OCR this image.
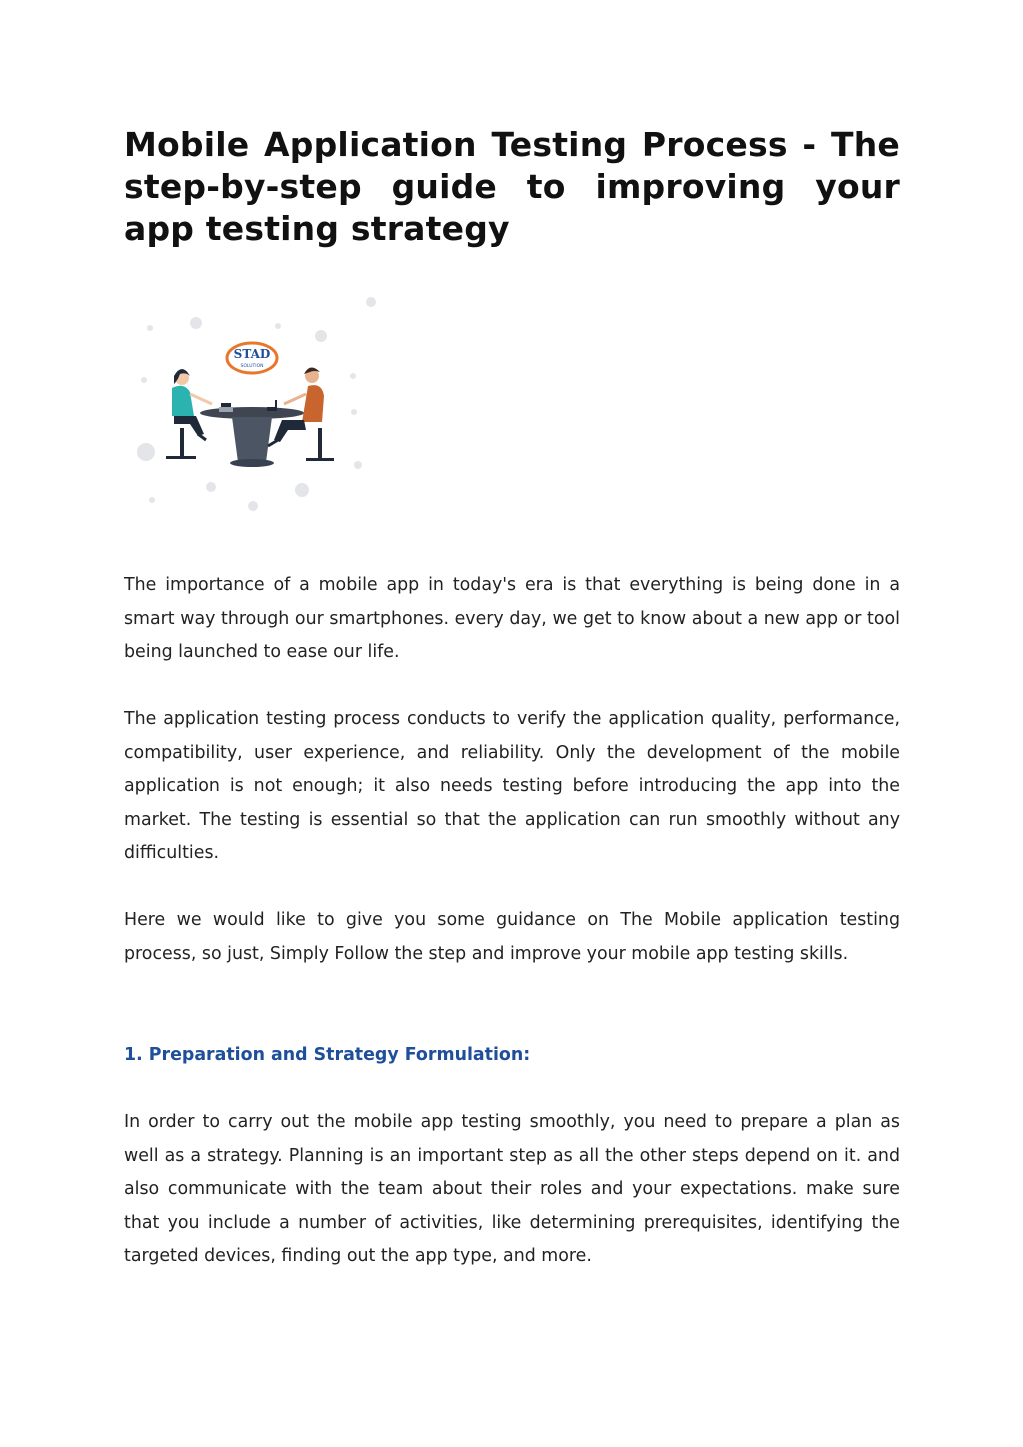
Mobile Application Testing Process - The step-by-step guide to improving your app testing strategy
STAD
SOLUTION

The importance of a mobile app in today's era is that everything is being done in a smart way through our smartphones. every day, we get to know about a new app or tool being launched to ease our life.

The application testing process conducts to verify the application quality, performance, compatibility, user experience, and reliability. Only the development of the mobile application is not enough; it also needs testing before introducing the app into the market. The testing is essential so that the application can run smoothly without any difficulties.

Here we would like to give you some guidance on The Mobile application testing process, so just, Simply Follow the step and improve your mobile app testing skills.

1. Preparation and Strategy Formulation:

In order to carry out the mobile app testing smoothly, you need to prepare a plan as well as a strategy. Planning is an important step as all the other steps depend on it. and also communicate with the team about their roles and your expectations. make sure that you include a number of activities, like determining prerequisites, identifying the targeted devices, finding out the app type, and more.
